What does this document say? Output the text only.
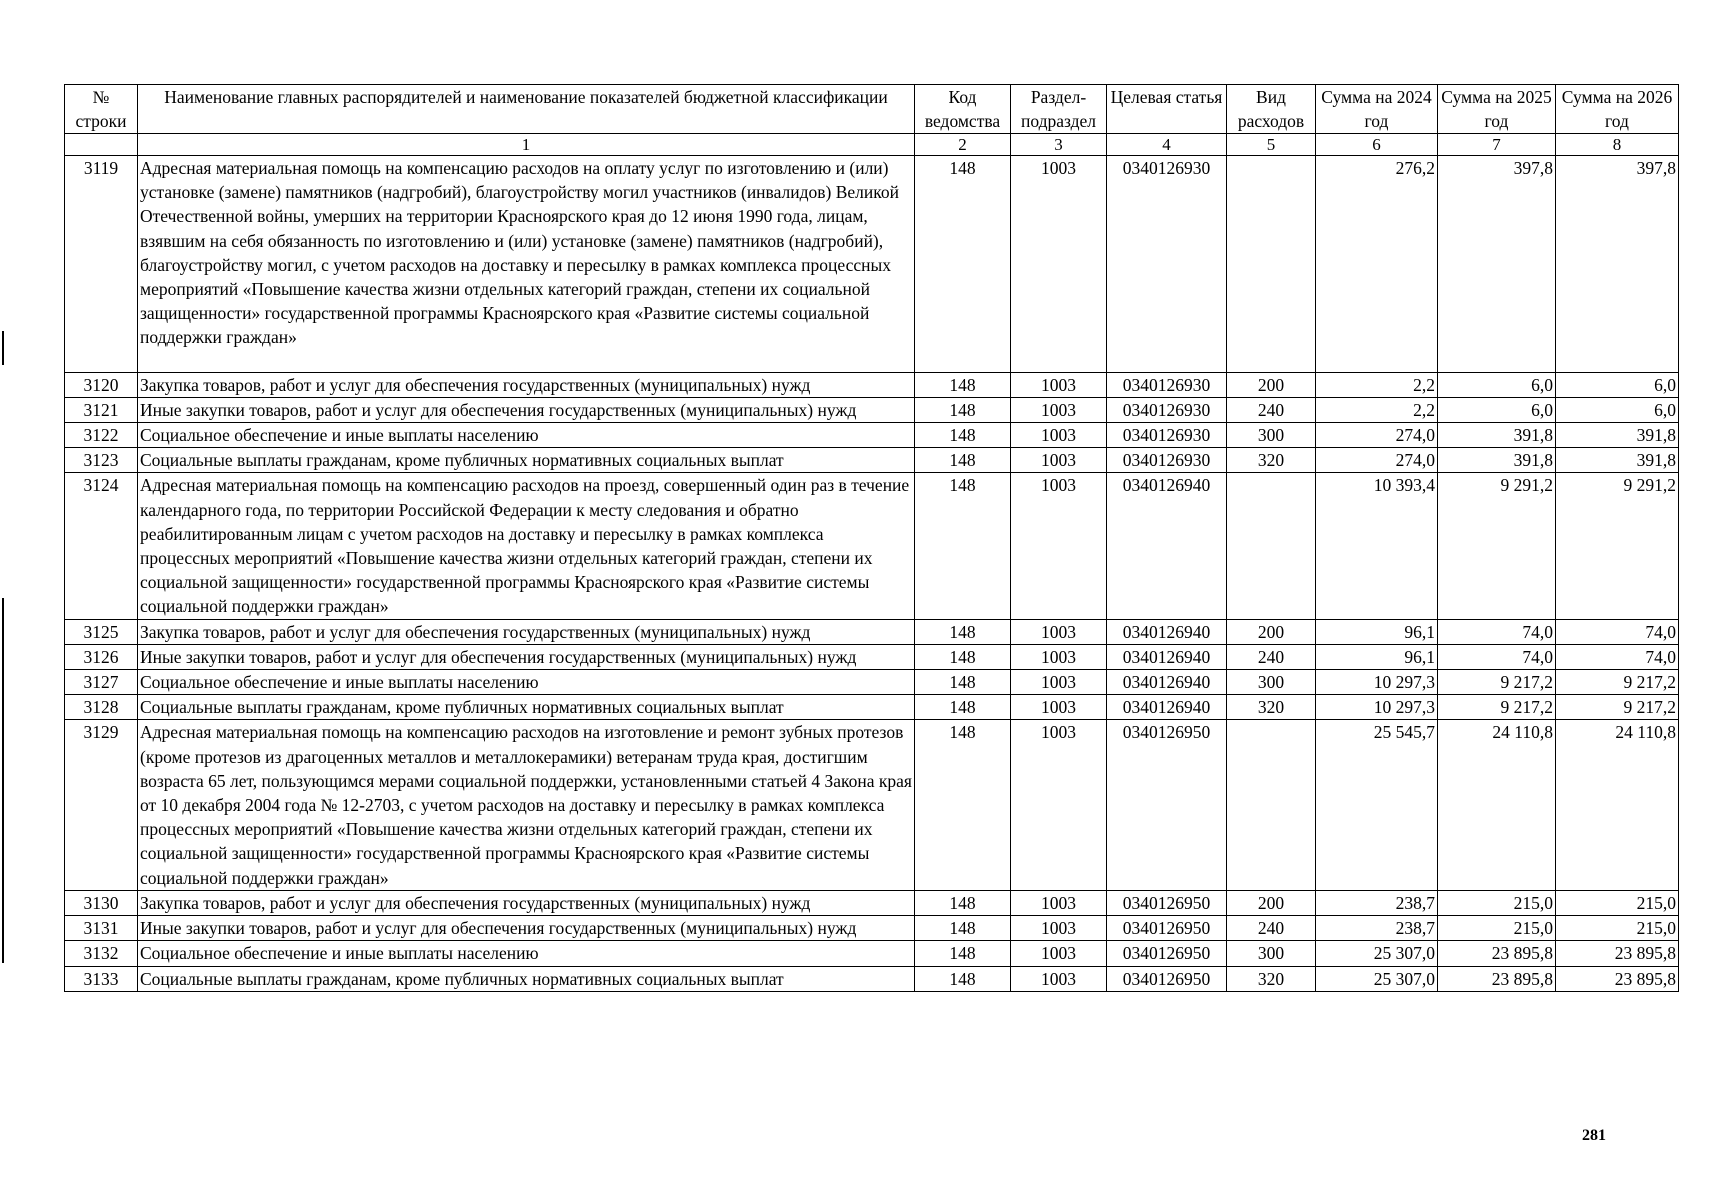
№ строки	Наименование главных распорядителей и наименование показателей бюджетной классификации	Код ведомства	Раздел-подраздел	Целевая статья	Вид расходов	Сумма на 2024 год	Сумма на 2025 год	Сумма на 2026 год
	1	2	3	4	5	6	7	8
3119	Адресная материальная помощь на компенсацию расходов на оплату услуг по изготовлению и (или) установке (замене) памятников (надгробий), благоустройству могил участников (инвалидов) Великой Отечественной войны, умерших на территории Красноярского края до 12 июня 1990 года, лицам, взявшим на себя обязанность по изготовлению и (или) установке (замене) памятников (надгробий), благоустройству могил, с учетом расходов на доставку и пересылку в рамках комплекса процессных мероприятий «Повышение качества жизни отдельных категорий граждан, степени их социальной защищенности» государственной программы Красноярского края «Развитие системы социальной поддержки граждан»	148	1003	0340126930		276,2	397,8	397,8
3120	Закупка товаров, работ и услуг для обеспечения государственных (муниципальных) нужд	148	1003	0340126930	200	2,2	6,0	6,0
3121	Иные закупки товаров, работ и услуг для обеспечения государственных (муниципальных) нужд	148	1003	0340126930	240	2,2	6,0	6,0
3122	Социальное обеспечение и иные выплаты населению	148	1003	0340126930	300	274,0	391,8	391,8
3123	Социальные выплаты гражданам, кроме публичных нормативных социальных выплат	148	1003	0340126930	320	274,0	391,8	391,8
3124	Адресная материальная помощь на компенсацию расходов на проезд, совершенный один раз в течение календарного года, по территории Российской Федерации к месту следования и обратно реабилитированным лицам с учетом расходов на доставку и пересылку в рамках комплекса процессных мероприятий «Повышение качества жизни отдельных категорий граждан, степени их социальной защищенности» государственной программы Красноярского края «Развитие системы социальной поддержки граждан»	148	1003	0340126940		10 393,4	9 291,2	9 291,2
3125	Закупка товаров, работ и услуг для обеспечения государственных (муниципальных) нужд	148	1003	0340126940	200	96,1	74,0	74,0
3126	Иные закупки товаров, работ и услуг для обеспечения государственных (муниципальных) нужд	148	1003	0340126940	240	96,1	74,0	74,0
3127	Социальное обеспечение и иные выплаты населению	148	1003	0340126940	300	10 297,3	9 217,2	9 217,2
3128	Социальные выплаты гражданам, кроме публичных нормативных социальных выплат	148	1003	0340126940	320	10 297,3	9 217,2	9 217,2
3129	Адресная материальная помощь на компенсацию расходов на изготовление и ремонт зубных протезов (кроме протезов из драгоценных металлов и металлокерамики) ветеранам труда края, достигшим возраста 65 лет, пользующимся мерами социальной поддержки, установленными статьей 4 Закона края от 10 декабря 2004 года № 12-2703, с учетом расходов на доставку и пересылку в рамках комплекса процессных мероприятий «Повышение качества жизни отдельных категорий граждан, степени их социальной защищенности» государственной программы Красноярского края «Развитие системы социальной поддержки граждан»	148	1003	0340126950		25 545,7	24 110,8	24 110,8
3130	Закупка товаров, работ и услуг для обеспечения государственных (муниципальных) нужд	148	1003	0340126950	200	238,7	215,0	215,0
3131	Иные закупки товаров, работ и услуг для обеспечения государственных (муниципальных) нужд	148	1003	0340126950	240	238,7	215,0	215,0
3132	Социальное обеспечение и иные выплаты населению	148	1003	0340126950	300	25 307,0	23 895,8	23 895,8
3133	Социальные выплаты гражданам, кроме публичных нормативных социальных выплат	148	1003	0340126950	320	25 307,0	23 895,8	23 895,8
281
